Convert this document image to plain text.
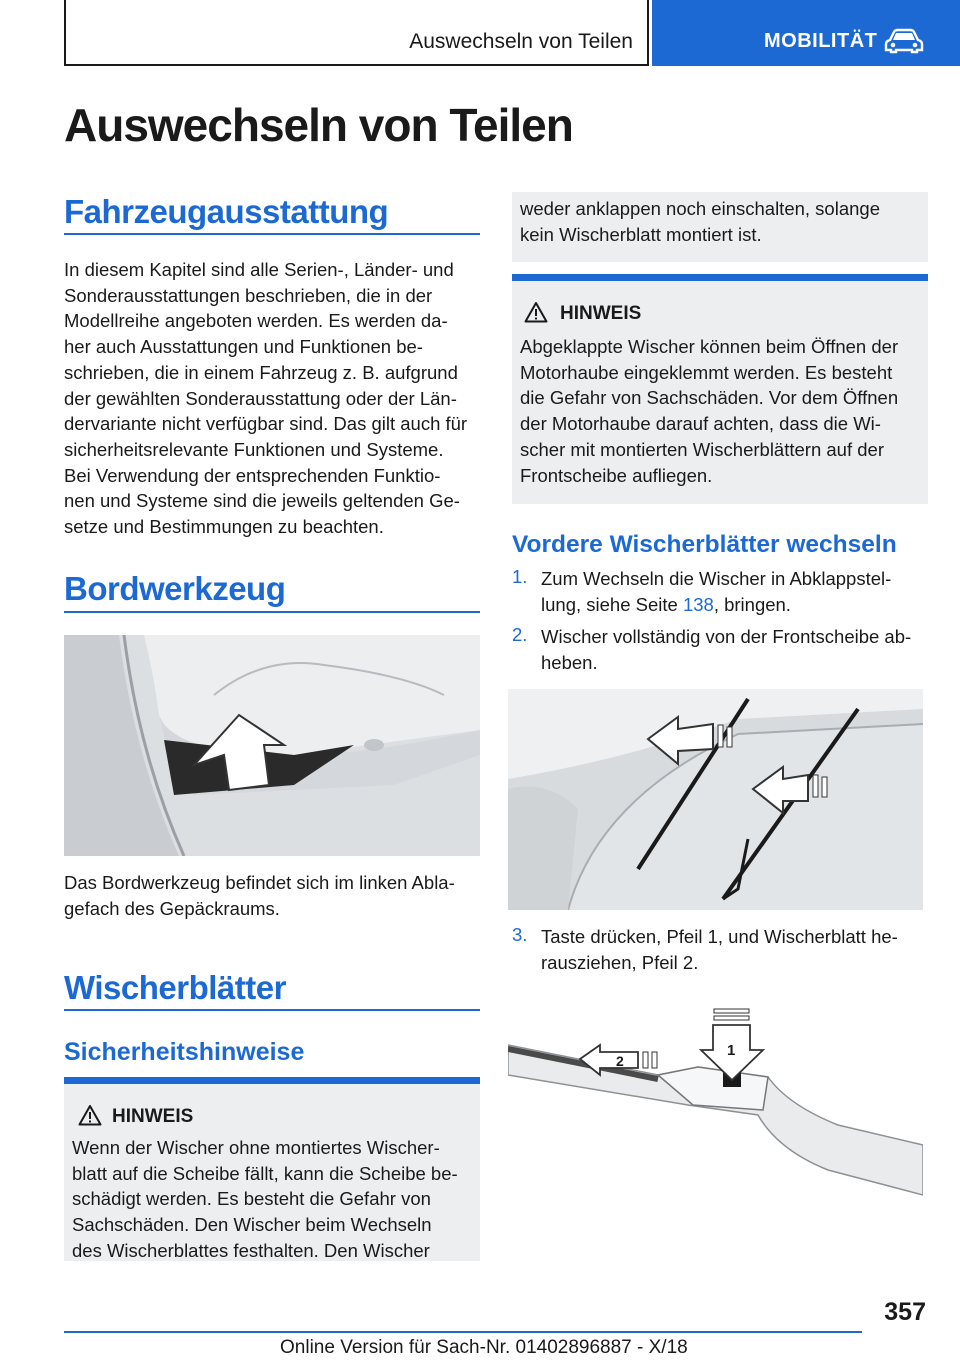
Auswechseln von Teilen	MOBILITÄT
Auswechseln von Teilen
Fahrzeugausstattung
In diesem Kapitel sind alle Serien-, Länder- und
Sonderausstattungen beschrieben, die in der
Modellreihe angeboten werden. Es werden da-
her auch Ausstattungen und Funktionen be-
schrieben, die in einem Fahrzeug z. B. aufgrund
der gewählten Sonderausstattung oder der Län-
dervariante nicht verfügbar sind. Das gilt auch für
sicherheitsrelevante Funktionen und Systeme.
Bei Verwendung der entsprechenden Funktio-
nen und Systeme sind die jeweils geltenden Ge-
setze und Bestimmungen zu beachten.
Bordwerkzeug
Das Bordwerkzeug befindet sich im linken Abla-
gefach des Gepäckraums.
Wischerblätter
Sicherheitshinweise
HINWEIS
Wenn der Wischer ohne montiertes Wischer-
blatt auf die Scheibe fällt, kann die Scheibe be-
schädigt werden. Es besteht die Gefahr von
Sachschäden. Den Wischer beim Wechseln
des Wischerblattes festhalten. Den Wischer
weder anklappen noch einschalten, solange
kein Wischerblatt montiert ist.
HINWEIS
Abgeklappte Wischer können beim Öffnen der
Motorhaube eingeklemmt werden. Es besteht
die Gefahr von Sachschäden. Vor dem Öffnen
der Motorhaube darauf achten, dass die Wi-
scher mit montierten Wischerblättern auf der
Frontscheibe aufliegen.
Vordere Wischerblätter wechseln
1. Zum Wechseln die Wischer in Abklappstel-
lung, siehe Seite 138, bringen.
2. Wischer vollständig von der Frontscheibe ab-
heben.
3. Taste drücken, Pfeil 1, und Wischerblatt he-
rausziehen, Pfeil 2.
2
1
357
Online Version für Sach-Nr. 01402896887 - X/18
